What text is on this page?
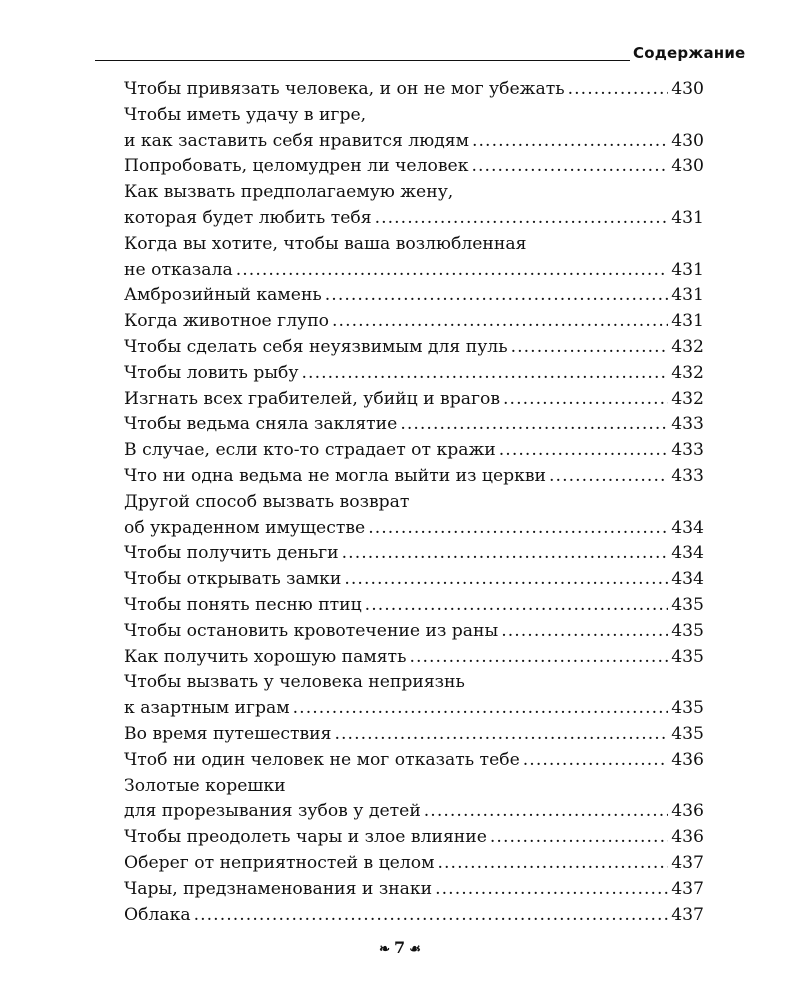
Содержание
Чтобы привязать человека, и он не мог убежать . . .	430
Чтобы иметь удачу в игре,
и как заставить себя нравится людям . . .	430
Попробовать, целомудрен ли человек . . .	430
Как вызвать предполагаемую жену,
которая будет любить тебя . . .	431
Когда вы хотите, чтобы ваша возлюбленная
не отказала . . .	431
Амброзийный камень . . .	431
Когда животное глупо . . .	431
Чтобы сделать себя неуязвимым для пуль . . .	432
Чтобы ловить рыбу . . .	432
Изгнать всех грабителей, убийц и врагов . . .	432
Чтобы ведьма сняла заклятие . . .	433
В случае, если кто-то страдает от кражи . . .	433
Что ни одна ведьма не могла выйти из церкви . . .	433
Другой способ вызвать возврат
об украденном имуществе . . .	434
Чтобы получить деньги . . .	434
Чтобы открывать замки . . .	434
Чтобы понять песню птиц . . .	435
Чтобы остановить кровотечение из раны . . .	435
Как получить хорошую память . . .	435
Чтобы вызвать у человека неприязнь
к азартным играм . . .	435
Во время путешествия . . .	435
Чтоб ни один человек не мог отказать тебе . . .	436
Золотые корешки
для прорезывания зубов у детей . . .	436
Чтобы преодолеть чары и злое влияние . . .	436
Оберег от неприятностей в целом . . .	437
Чары, предзнаменования и знаки . . .	437
Облака . . .	437
❧ 7 ☙
